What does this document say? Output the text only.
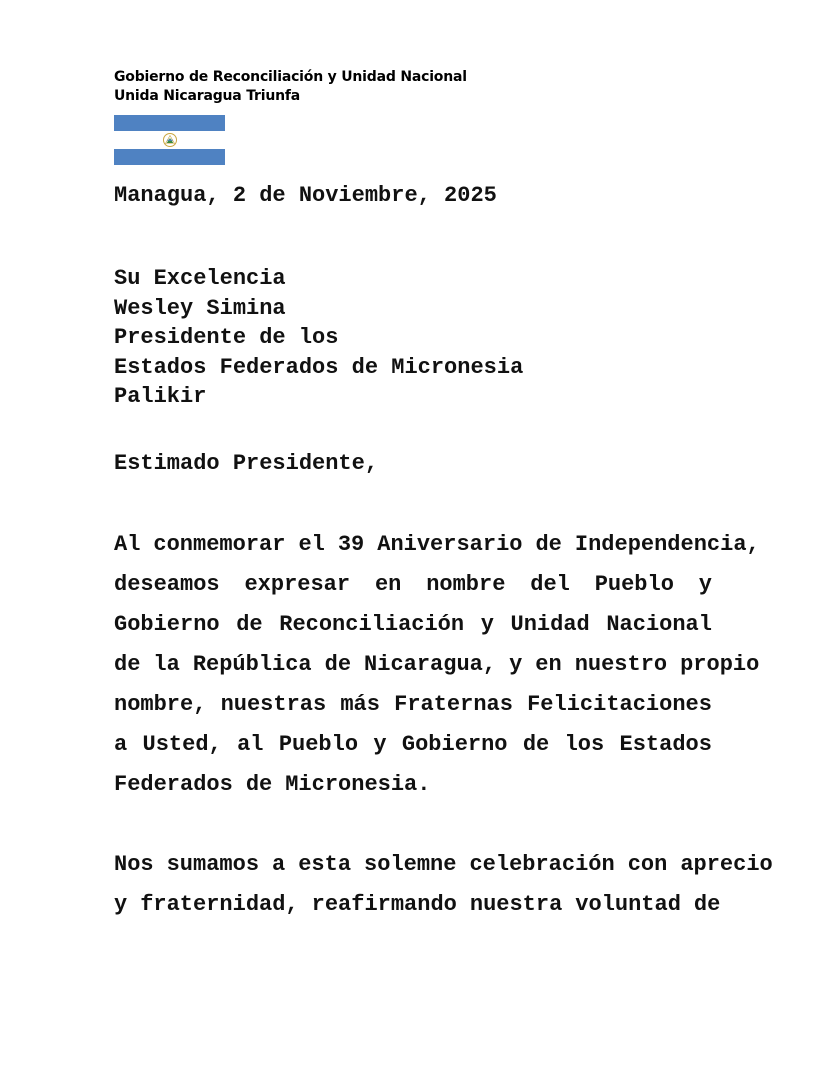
Gobierno de Reconciliación y Unidad Nacional
Unida Nicaragua Triunfa
Managua, 2 de Noviembre, 2025
Su Excelencia
Wesley Simina
Presidente de los
Estados Federados de Micronesia
Palikir
Estimado Presidente,
Al conmemorar el 39 Aniversario de Independencia,
deseamos expresar en nombre del Pueblo y
Gobierno de Reconciliación y Unidad Nacional
de la República de Nicaragua, y en nuestro propio
nombre, nuestras más Fraternas Felicitaciones
a Usted, al Pueblo y Gobierno de los Estados
Federados de Micronesia.
Nos sumamos a esta solemne celebración con aprecio
y fraternidad, reafirmando nuestra voluntad de
